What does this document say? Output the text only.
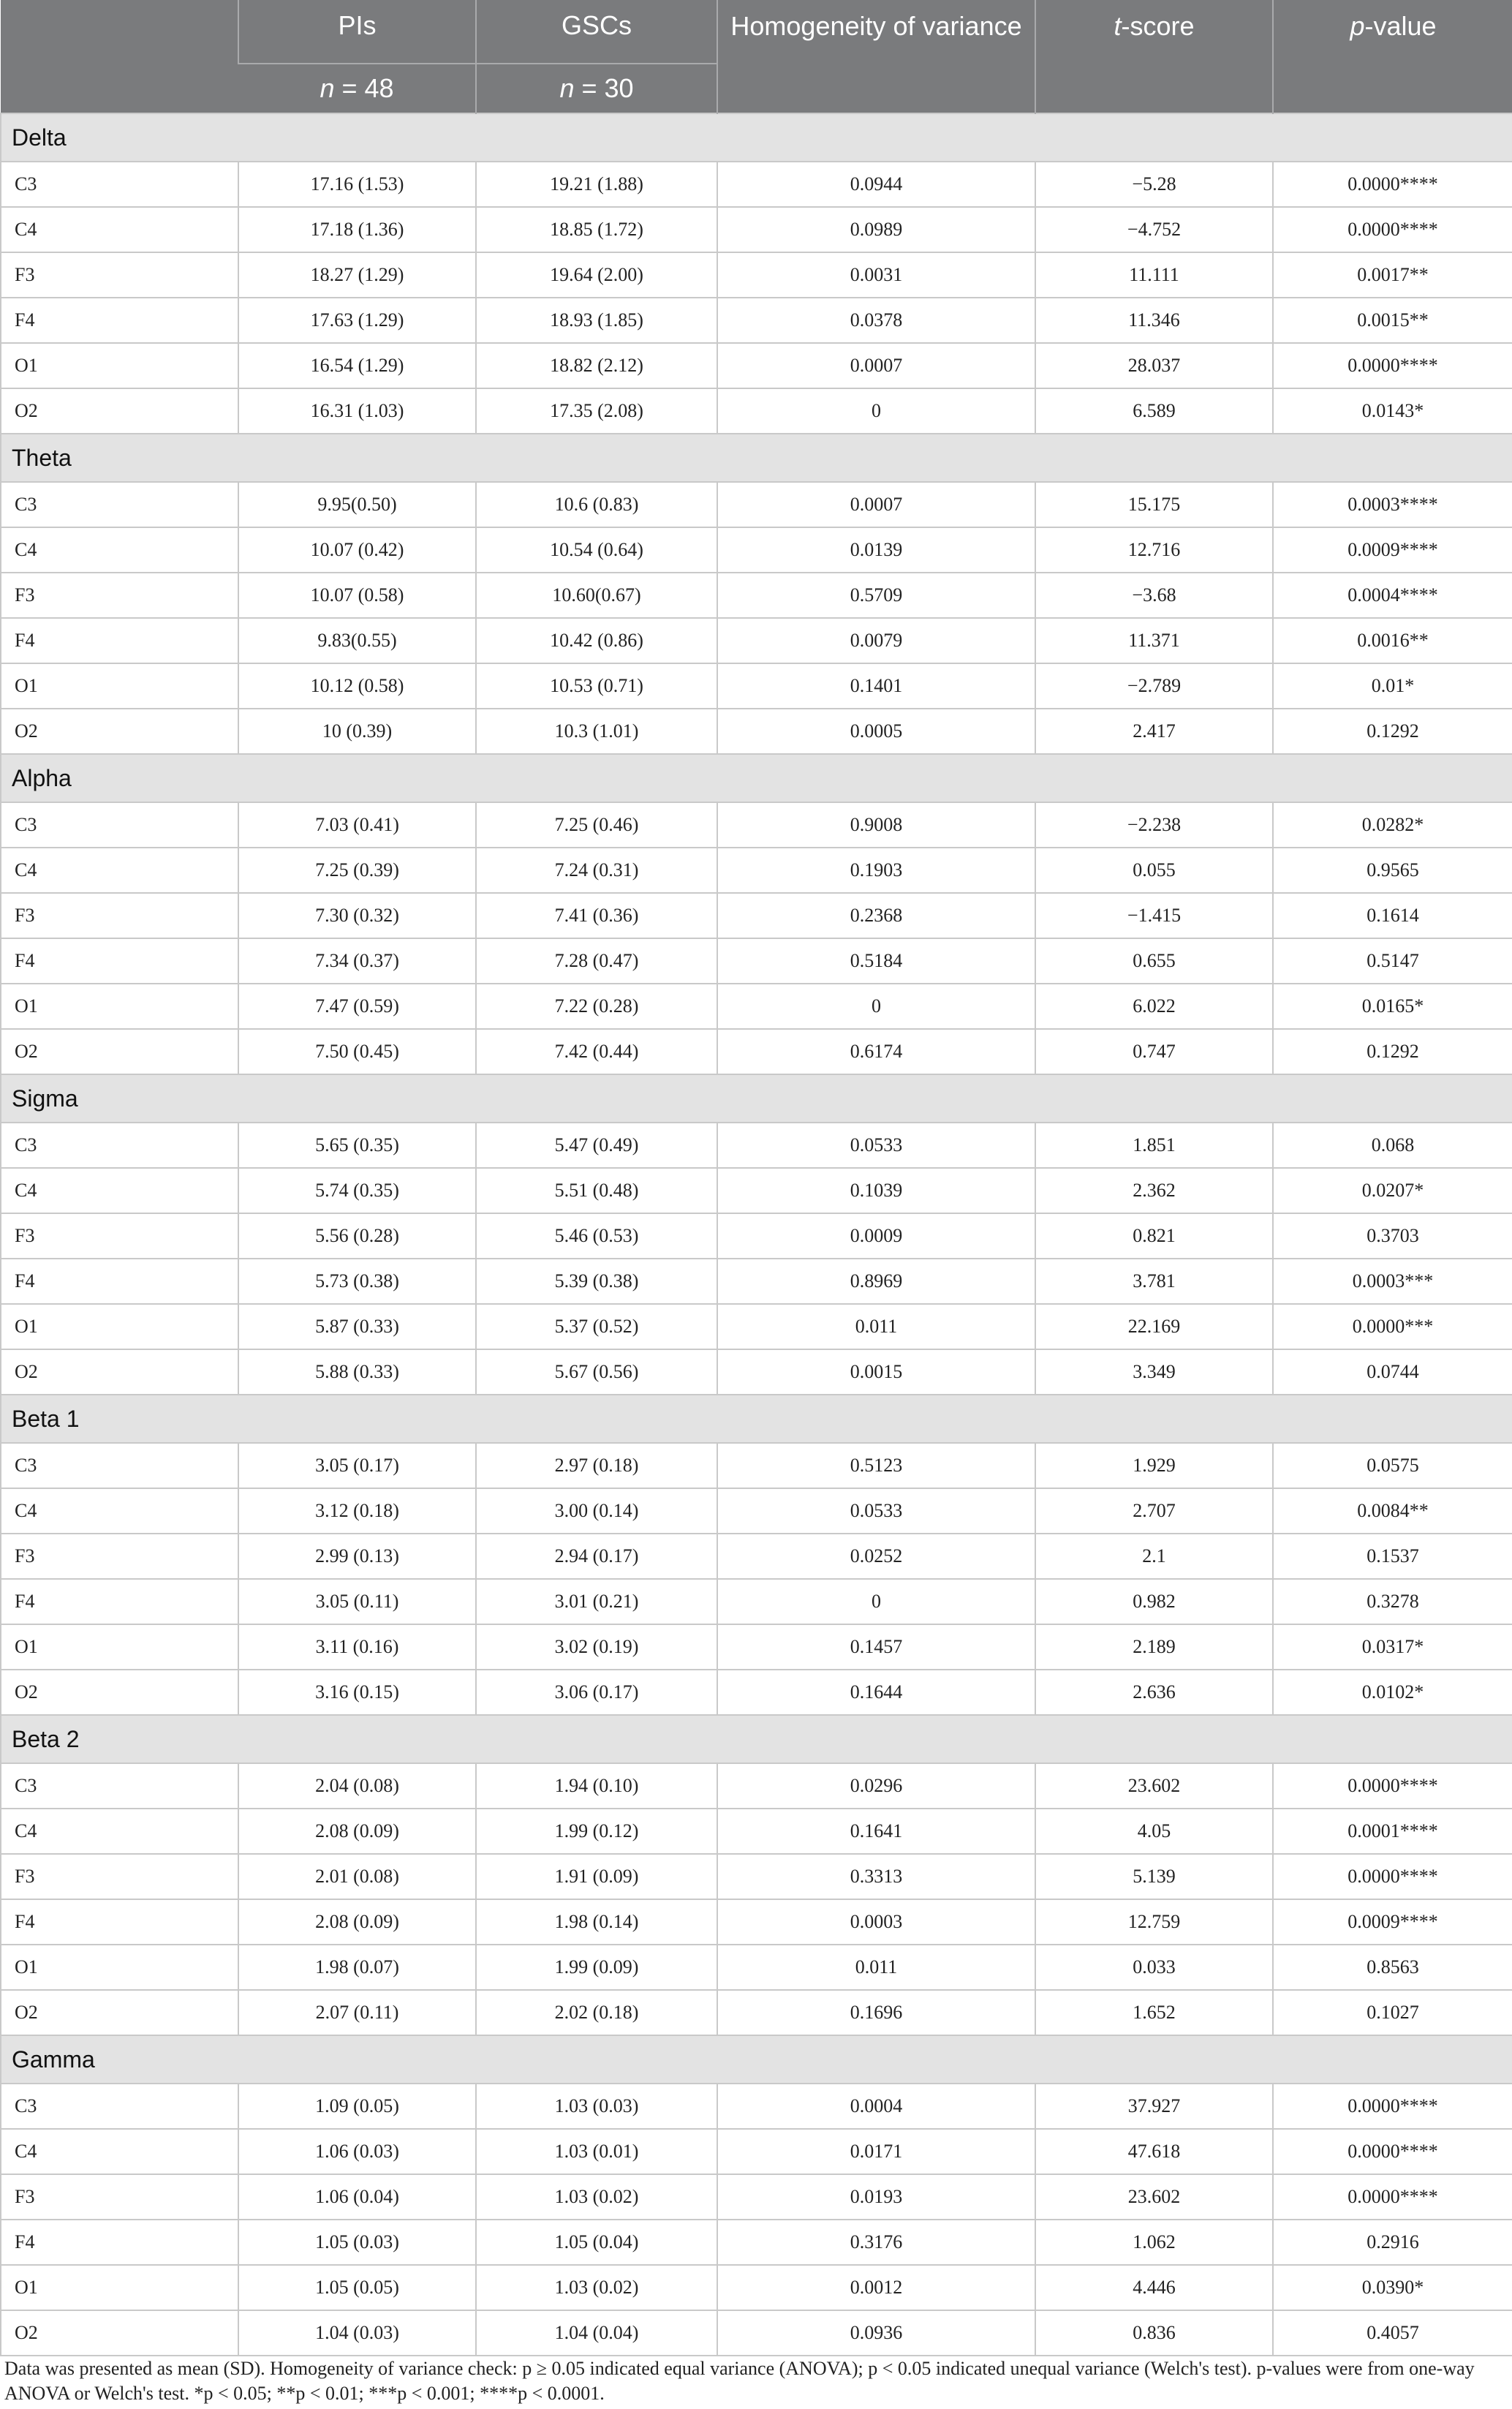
	PIs	GSCs	Homogeneity of variance	t-score	p-value
	n = 48	n = 30			
Delta					
C3	17.16 (1.53)	19.21 (1.88)	0.0944	−5.28	0.0000****
C4	17.18 (1.36)	18.85 (1.72)	0.0989	−4.752	0.0000****
F3	18.27 (1.29)	19.64 (2.00)	0.0031	11.111	0.0017**
F4	17.63 (1.29)	18.93 (1.85)	0.0378	11.346	0.0015**
O1	16.54 (1.29)	18.82 (2.12)	0.0007	28.037	0.0000****
O2	16.31 (1.03)	17.35 (2.08)	0	6.589	0.0143*
Theta					
C3	9.95(0.50)	10.6 (0.83)	0.0007	15.175	0.0003****
C4	10.07 (0.42)	10.54 (0.64)	0.0139	12.716	0.0009****
F3	10.07 (0.58)	10.60(0.67)	0.5709	−3.68	0.0004****
F4	9.83(0.55)	10.42 (0.86)	0.0079	11.371	0.0016**
O1	10.12 (0.58)	10.53 (0.71)	0.1401	−2.789	0.01*
O2	10 (0.39)	10.3 (1.01)	0.0005	2.417	0.1292
Alpha					
C3	7.03 (0.41)	7.25 (0.46)	0.9008	−2.238	0.0282*
C4	7.25 (0.39)	7.24 (0.31)	0.1903	0.055	0.9565
F3	7.30 (0.32)	7.41 (0.36)	0.2368	−1.415	0.1614
F4	7.34 (0.37)	7.28 (0.47)	0.5184	0.655	0.5147
O1	7.47 (0.59)	7.22 (0.28)	0	6.022	0.0165*
O2	7.50 (0.45)	7.42 (0.44)	0.6174	0.747	0.1292
Sigma					
C3	5.65 (0.35)	5.47 (0.49)	0.0533	1.851	0.068
C4	5.74 (0.35)	5.51 (0.48)	0.1039	2.362	0.0207*
F3	5.56 (0.28)	5.46 (0.53)	0.0009	0.821	0.3703
F4	5.73 (0.38)	5.39 (0.38)	0.8969	3.781	0.0003***
O1	5.87 (0.33)	5.37 (0.52)	0.011	22.169	0.0000***
O2	5.88 (0.33)	5.67 (0.56)	0.0015	3.349	0.0744
Beta 1					
C3	3.05 (0.17)	2.97 (0.18)	0.5123	1.929	0.0575
C4	3.12 (0.18)	3.00 (0.14)	0.0533	2.707	0.0084**
F3	2.99 (0.13)	2.94 (0.17)	0.0252	2.1	0.1537
F4	3.05 (0.11)	3.01 (0.21)	0	0.982	0.3278
O1	3.11 (0.16)	3.02 (0.19)	0.1457	2.189	0.0317*
O2	3.16 (0.15)	3.06 (0.17)	0.1644	2.636	0.0102*
Beta 2					
C3	2.04 (0.08)	1.94 (0.10)	0.0296	23.602	0.0000****
C4	2.08 (0.09)	1.99 (0.12)	0.1641	4.05	0.0001****
F3	2.01 (0.08)	1.91 (0.09)	0.3313	5.139	0.0000****
F4	2.08 (0.09)	1.98 (0.14)	0.0003	12.759	0.0009****
O1	1.98 (0.07)	1.99 (0.09)	0.011	0.033	0.8563
O2	2.07 (0.11)	2.02 (0.18)	0.1696	1.652	0.1027
Gamma					
C3	1.09 (0.05)	1.03 (0.03)	0.0004	37.927	0.0000****
C4	1.06 (0.03)	1.03 (0.01)	0.0171	47.618	0.0000****
F3	1.06 (0.04)	1.03 (0.02)	0.0193	23.602	0.0000****
F4	1.05 (0.03)	1.05 (0.04)	0.3176	1.062	0.2916
O1	1.05 (0.05)	1.03 (0.02)	0.0012	4.446	0.0390*
O2	1.04 (0.03)	1.04 (0.04)	0.0936	0.836	0.4057
Data was presented as mean (SD). Homogeneity of variance check: p ≥ 0.05 indicated equal variance (ANOVA); p < 0.05 indicated unequal variance (Welch's test). p-values were from one-way
ANOVA or Welch's test. *p < 0.05; **p < 0.01; ***p < 0.001; ****p < 0.0001.
